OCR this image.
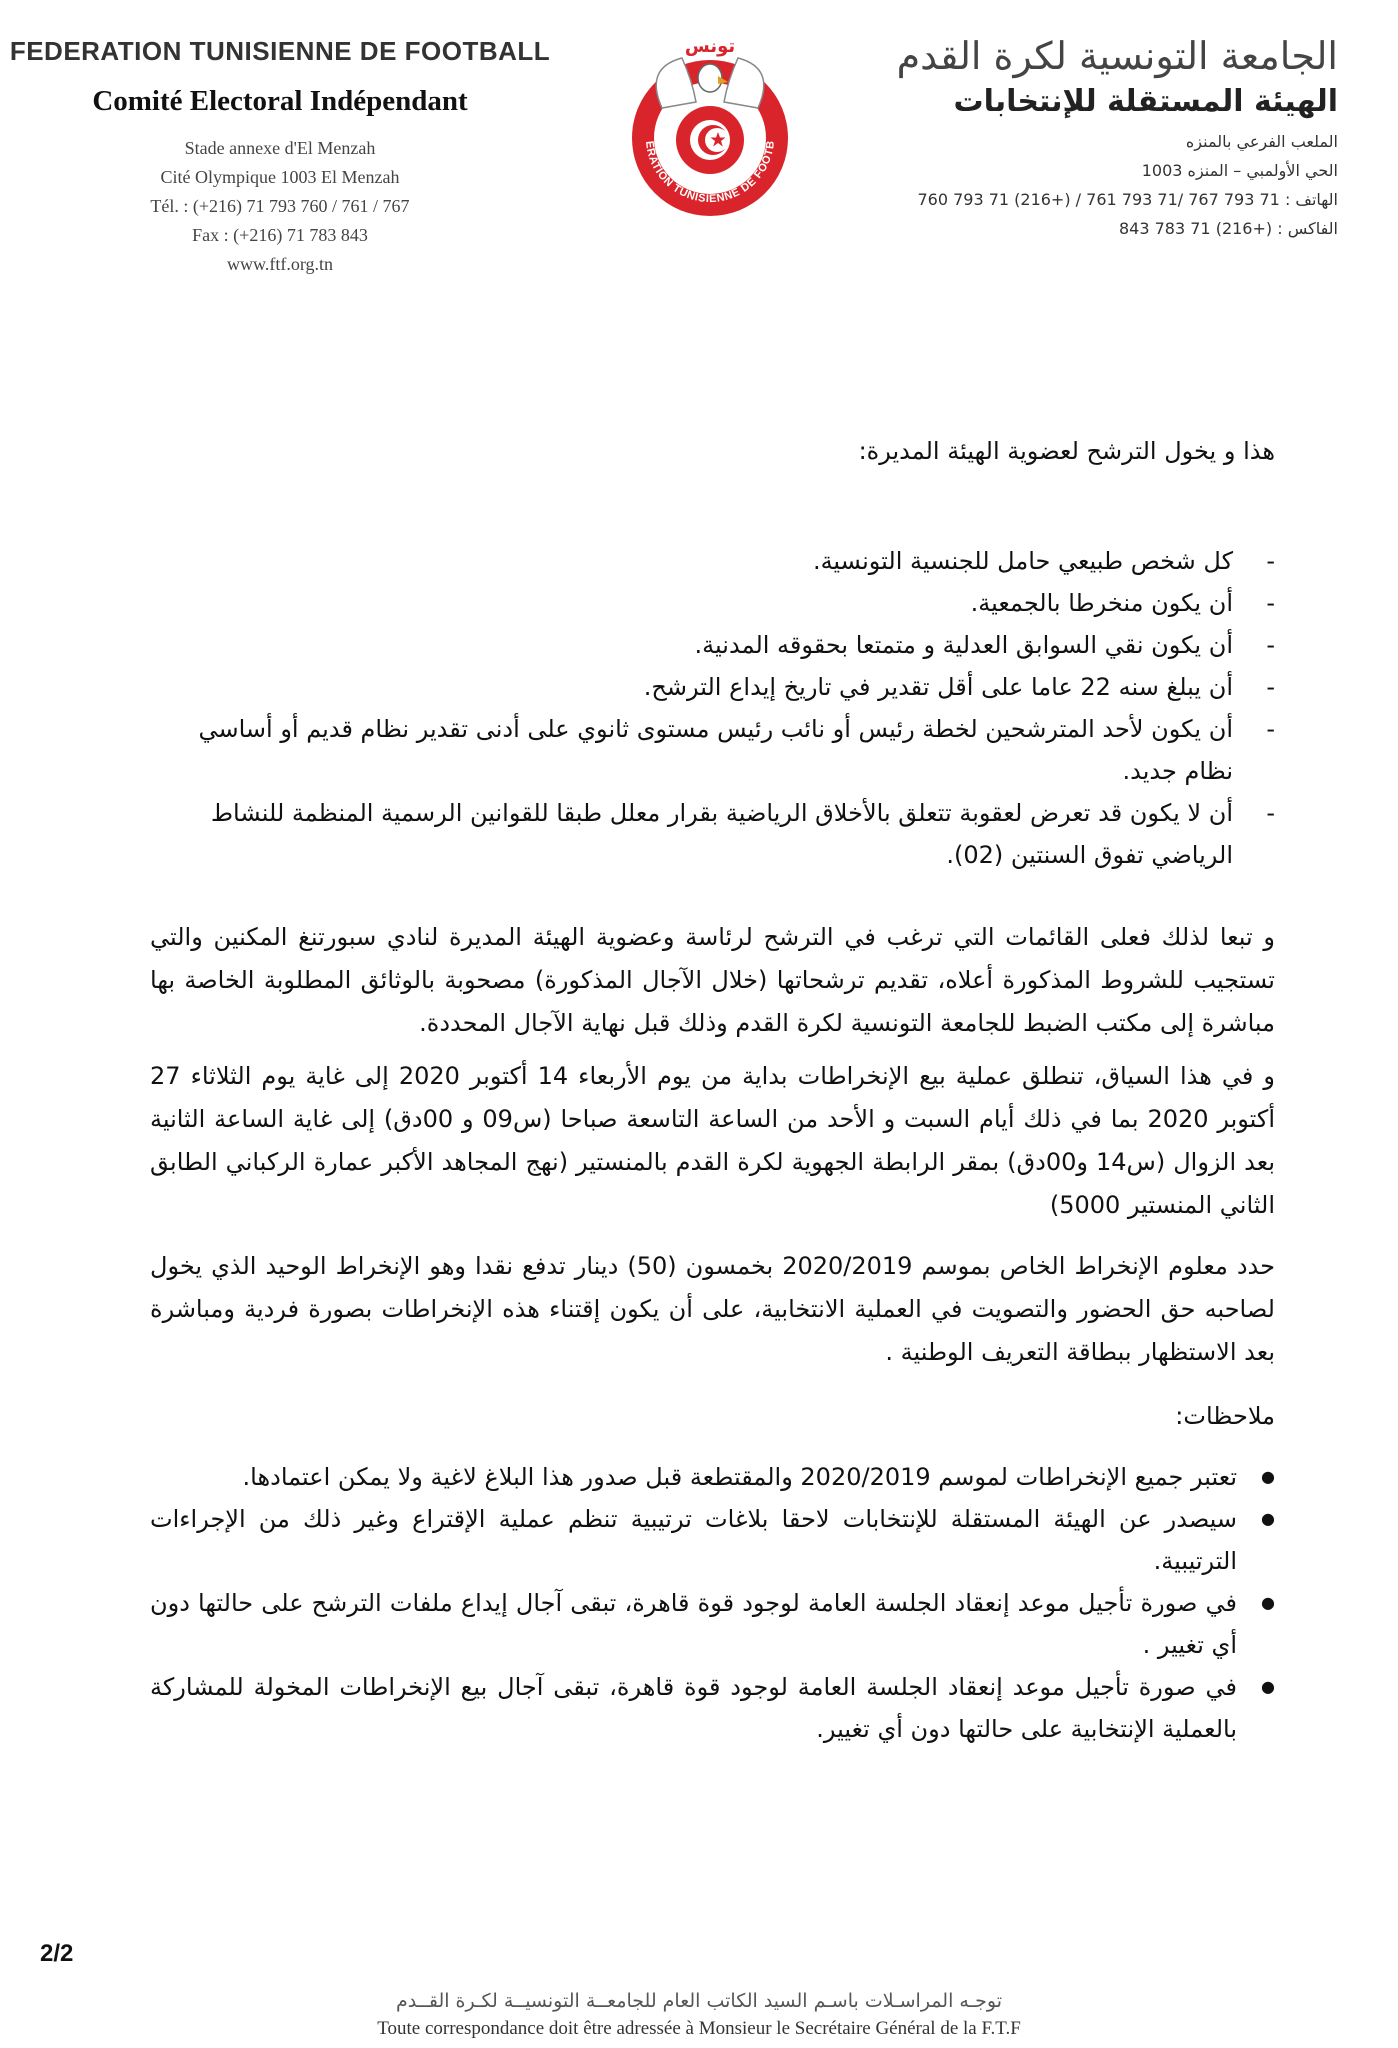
FEDERATION TUNISIENNE DE FOOTBALL
Comité Electoral Indépendant
Stade annexe d'El Menzah
Cité Olympique 1003 El Menzah
Tél. : (+216) 71 793 760 / 761 / 767
Fax : (+216) 71 783 843
www.ftf.org.tn
تونس
ERATION TUNISIENNE DE FOOTB
الجامعة التونسية لكرة القدم
الهيئة المستقلة للإنتخابات
الملعب الفرعي بالمنزه
الحي الأولمبي – المنزه 1003
الهاتف : 760 793 71 (216+) / 761 793 71/ 767 793 71
الفاكس : 843 783 71 (216+)
هذا و يخول الترشح لعضوية الهيئة المديرة:
- كل شخص طبيعي حامل للجنسية التونسية.
- أن يكون منخرطا بالجمعية.
- أن يكون نقي السوابق العدلية و متمتعا بحقوقه المدنية.
- أن يبلغ سنه 22 عاما على أقل تقدير في تاريخ إيداع الترشح.
- أن يكون لأحد المترشحين لخطة رئيس أو نائب رئيس مستوى ثانوي على أدنى تقدير نظام قديم أو أساسي نظام جديد.
- أن لا يكون قد تعرض لعقوبة تتعلق بالأخلاق الرياضية بقرار معلل طبقا للقوانين الرسمية المنظمة للنشاط الرياضي تفوق السنتين (02).
و تبعا لذلك فعلى القائمات التي ترغب في الترشح لرئاسة وعضوية الهيئة المديرة لنادي سبورتنغ المكنين والتي تستجيب للشروط المذكورة أعلاه، تقديم ترشحاتها (خلال الآجال المذكورة) مصحوبة بالوثائق المطلوبة الخاصة بها مباشرة إلى مكتب الضبط للجامعة التونسية لكرة القدم وذلك قبل نهاية الآجال المحددة.
و في هذا السياق، تنطلق عملية بيع الإنخراطات بداية من يوم الأربعاء 14 أكتوبر 2020 إلى غاية يوم الثلاثاء 27 أكتوبر 2020 بما في ذلك أيام السبت و الأحد من الساعة التاسعة صباحا (س09 و 00دق) إلى غاية الساعة الثانية بعد الزوال (س14 و00دق) بمقر الرابطة الجهوية لكرة القدم بالمنستير (نهج المجاهد الأكبر عمارة الركباني الطابق الثاني المنستير 5000)
حدد معلوم الإنخراط الخاص بموسم 2020/2019 بخمسون (50) دينار تدفع نقدا وهو الإنخراط الوحيد الذي يخول لصاحبه حق الحضور والتصويت في العملية الانتخابية، على أن يكون إقتناء هذه الإنخراطات بصورة فردية ومباشرة بعد الاستظهار ببطاقة التعريف الوطنية .
ملاحظات:
● تعتبر جميع الإنخراطات لموسم 2020/2019 والمقتطعة قبل صدور هذا البلاغ لاغية ولا يمكن اعتمادها.
● سيصدر عن الهيئة المستقلة للإنتخابات لاحقا بلاغات ترتيبية تنظم عملية الإقتراع وغير ذلك من الإجراءات الترتيبية.
● في صورة تأجيل موعد إنعقاد الجلسة العامة لوجود قوة قاهرة، تبقى آجال إيداع ملفات الترشح على حالتها دون أي تغيير .
● في صورة تأجيل موعد إنعقاد الجلسة العامة لوجود قوة قاهرة، تبقى آجال بيع الإنخراطات المخولة للمشاركة بالعملية الإنتخابية على حالتها دون أي تغيير.
2/2
توجـه المراسـلات باسـم السيد الكاتب العام للجامعــة التونسيــة لكـرة القــدم
Toute correspondance doit être adressée à Monsieur le Secrétaire Général de la F.T.F
